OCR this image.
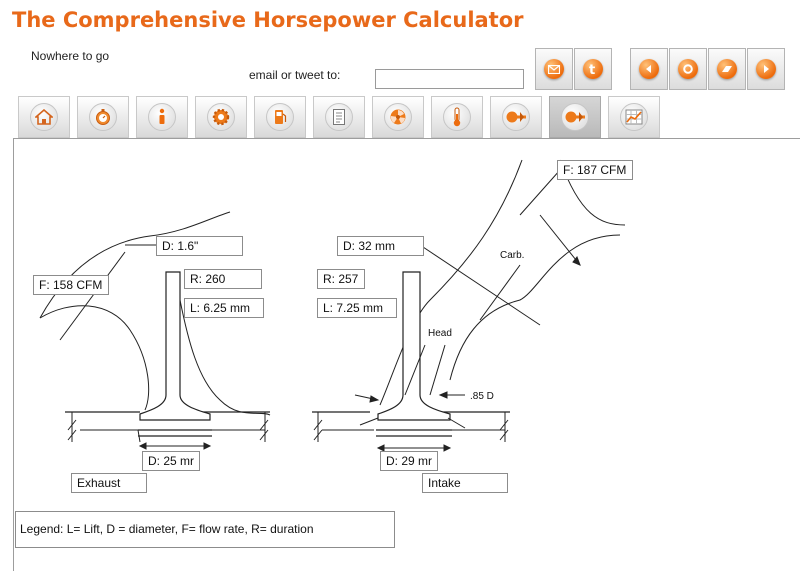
The Comprehensive Horsepower Calculator
Nowhere to go
email or tweet to:	t
Carb.
Head
.85 D
D: 1.6"
F: 158 CFM	R: 260
L: 6.25 mm
D: 25 mr
Exhaust
D: 32 mm
F: 187 CFM
R: 257
L: 7.25 mm
D: 29 mr
Intake
Legend: L= Lift, D = diameter, F= flow rate, R= duration
